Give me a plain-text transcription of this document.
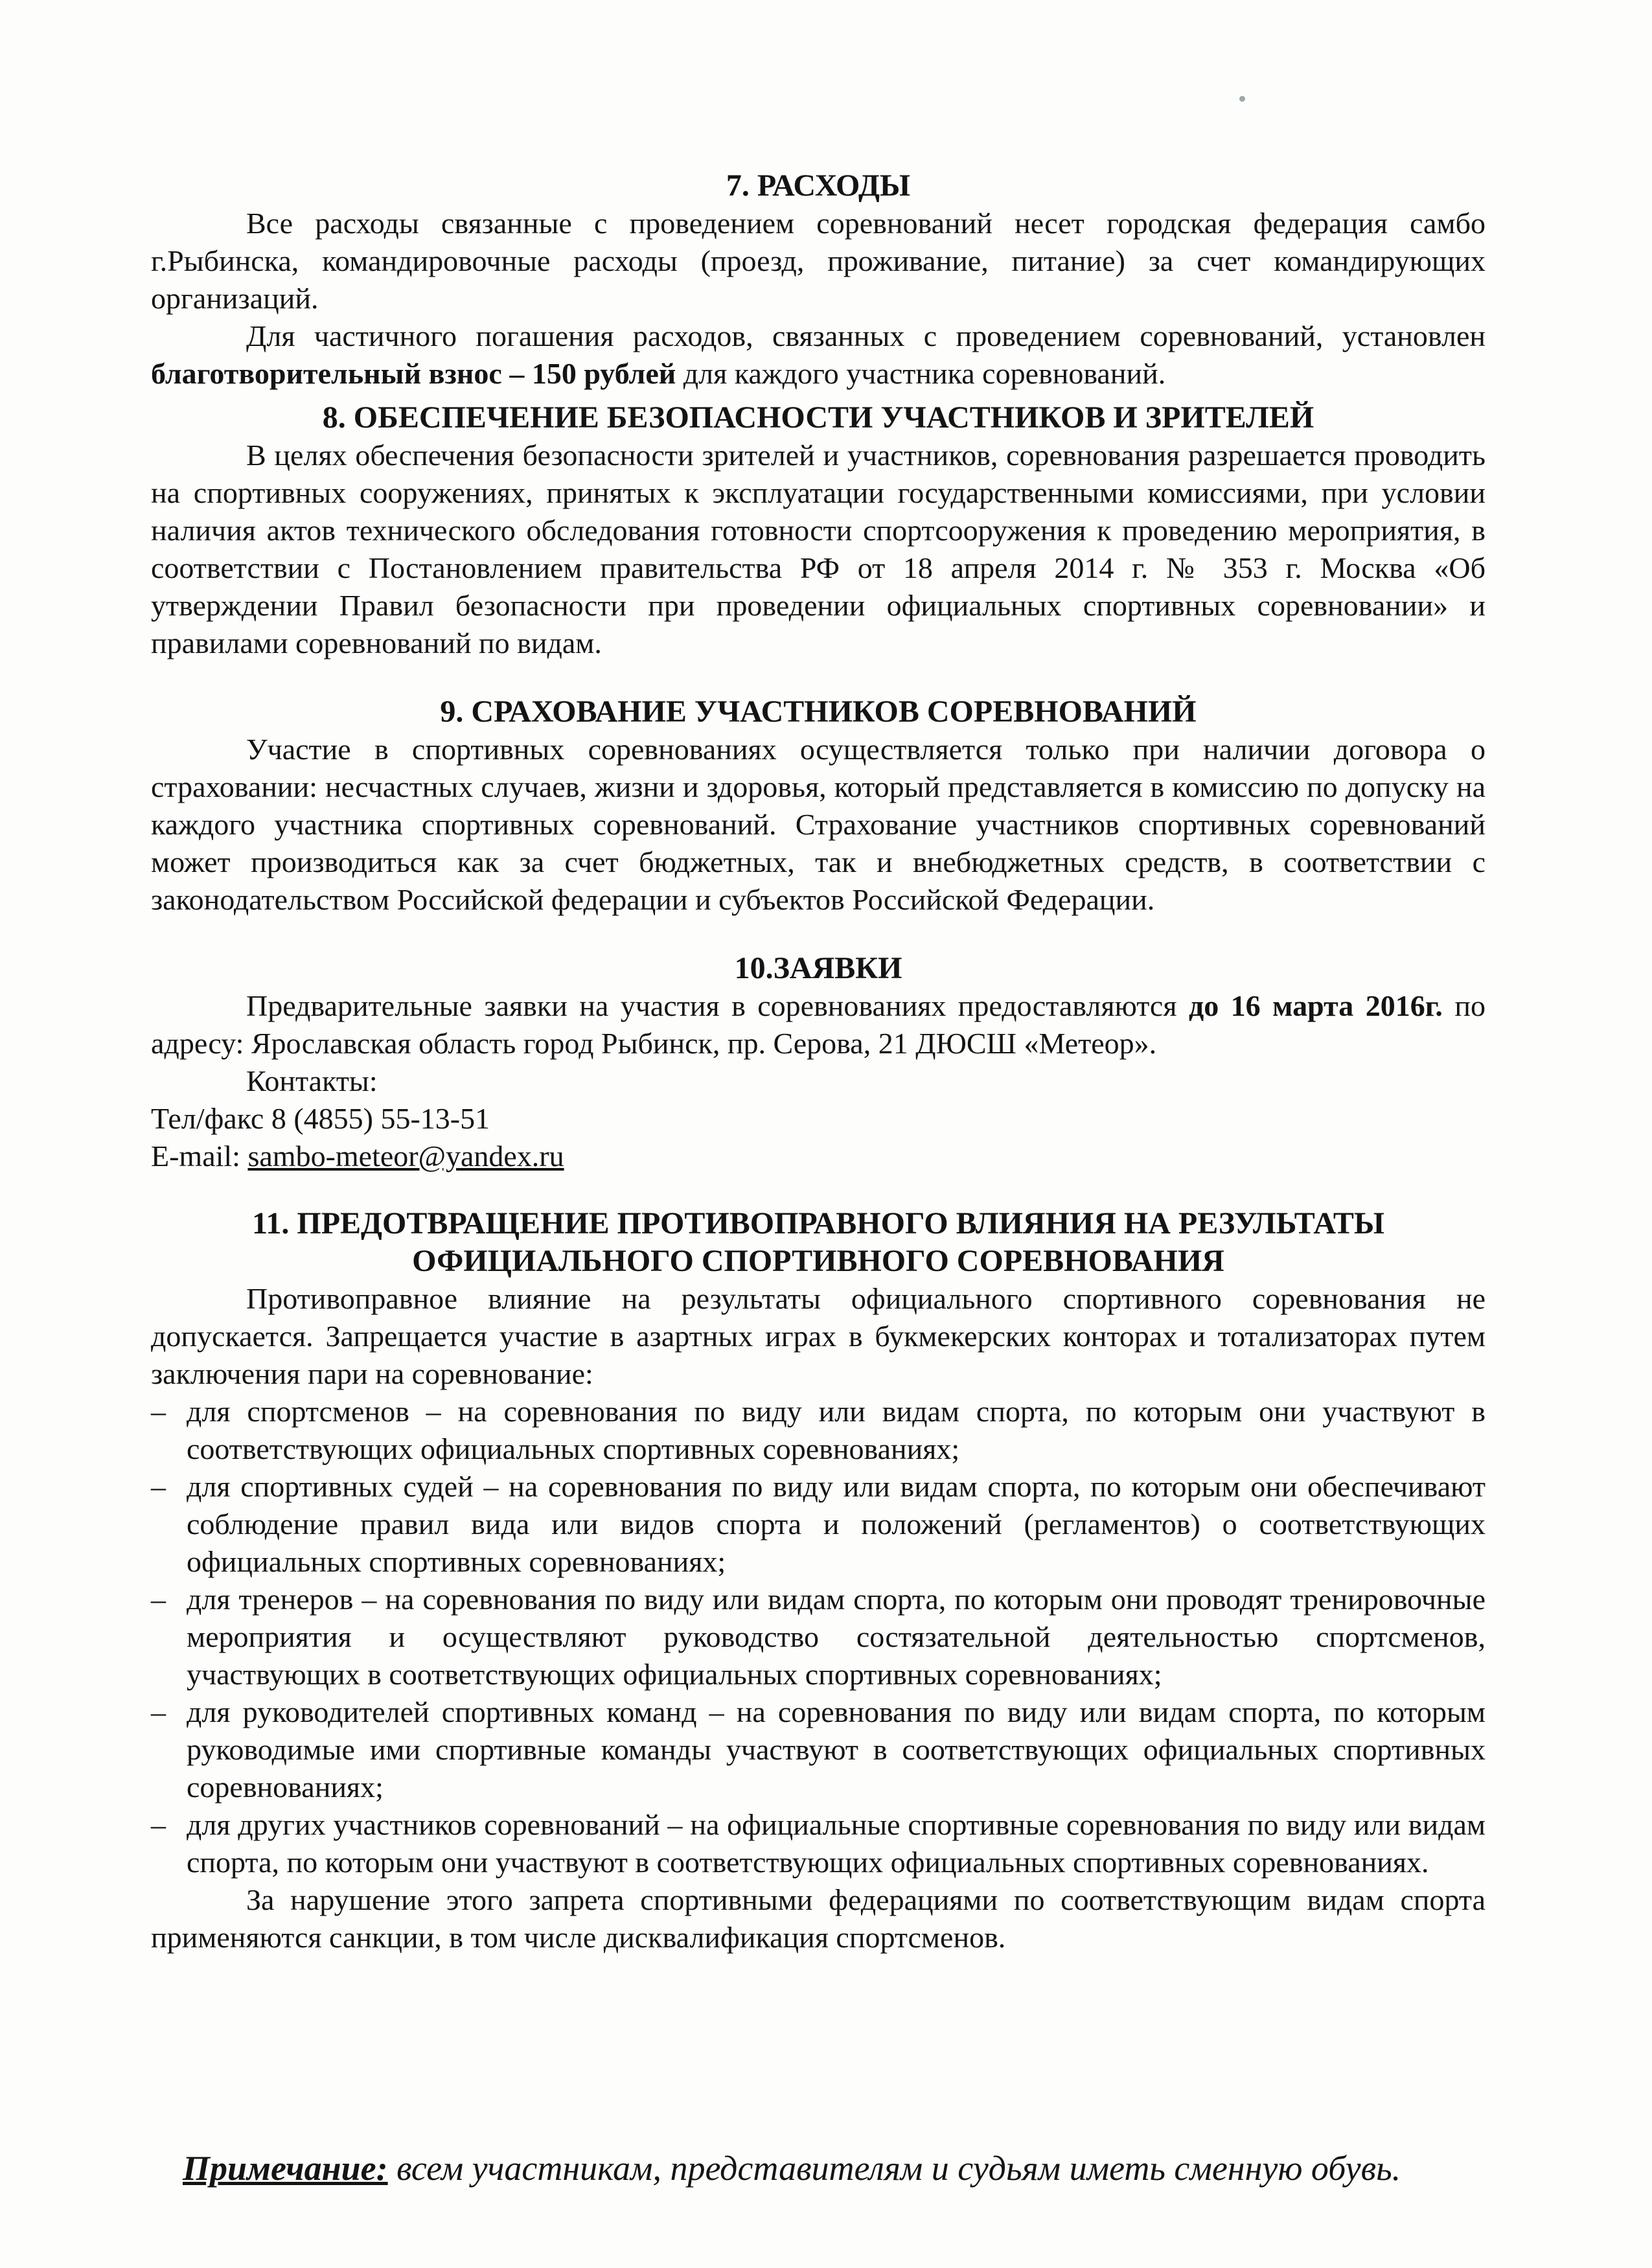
7. РАСХОДЫ

Все расходы связанные с проведением соревнований несет городская федерация самбо г.Рыбинска, командировочные расходы (проезд, проживание, питание) за счет командирующих организаций.

Для частичного погашения расходов, связанных с проведением соревнований, установлен благотворительный взнос – 150 рублей для каждого участника соревнований.

8. ОБЕСПЕЧЕНИЕ БЕЗОПАСНОСТИ УЧАСТНИКОВ И ЗРИТЕЛЕЙ

В целях обеспечения безопасности зрителей и участников, соревнования разрешается проводить на спортивных сооружениях, принятых к эксплуатации государственными комиссиями, при условии наличия актов технического обследования готовности спортсооружения к проведению мероприятия, в соответствии с Постановлением правительства РФ от 18 апреля 2014 г. № 353 г. Москва «Об утверждении Правил безопасности при проведении официальных спортивных соревновании» и правилами соревнований по видам.

9. СРАХОВАНИЕ УЧАСТНИКОВ СОРЕВНОВАНИЙ

Участие в спортивных соревнованиях осуществляется только при наличии договора о страховании: несчастных случаев, жизни и здоровья, который представляется в комиссию по допуску на каждого участника спортивных соревнований. Страхование участников спортивных соревнований может производиться как за счет бюджетных, так и внебюджетных средств, в соответствии с законодательством Российской федерации и субъектов Российской Федерации.

10.ЗАЯВКИ

Предварительные заявки на участия в соревнованиях предоставляются до 16 марта 2016г. по адресу: Ярославская область город Рыбинск, пр. Серова, 21 ДЮСШ «Метеор».

Контакты:

Тел/факс 8 (4855) 55-13-51

E-mail: sambo-meteor@yandex.ru

11. ПРЕДОТВРАЩЕНИЕ ПРОТИВОПРАВНОГО ВЛИЯНИЯ НА РЕЗУЛЬТАТЫ
ОФИЦИАЛЬНОГО СПОРТИВНОГО СОРЕВНОВАНИЯ

Противоправное влияние на результаты официального спортивного соревнования не допускается. Запрещается участие в азартных играх в букмекерских конторах и тотализаторах путем заключения пари на соревнование:

– для спортсменов – на соревнования по виду или видам спорта, по которым они участвуют в соответствующих официальных спортивных соревнованиях;
– для спортивных судей – на соревнования по виду или видам спорта, по которым они обеспечивают соблюдение правил вида или видов спорта и положений (регламентов) о соответствующих официальных спортивных соревнованиях;
– для тренеров – на соревнования по виду или видам спорта, по которым они проводят тренировочные мероприятия и осуществляют руководство состязательной деятельностью спортсменов, участвующих в соответствующих официальных спортивных соревнованиях;
– для руководителей спортивных команд – на соревнования по виду или видам спорта, по которым руководимые ими спортивные команды участвуют в соответствующих официальных спортивных соревнованиях;
– для других участников соревнований – на официальные спортивные соревнования по виду или видам спорта, по которым они участвуют в соответствующих официальных спортивных соревнованиях.

За нарушение этого запрета спортивными федерациями по соответствующим видам спорта применяются санкции, в том числе дисквалификация спортсменов.

Примечание: всем участникам, представителям и судьям иметь сменную обувь.
